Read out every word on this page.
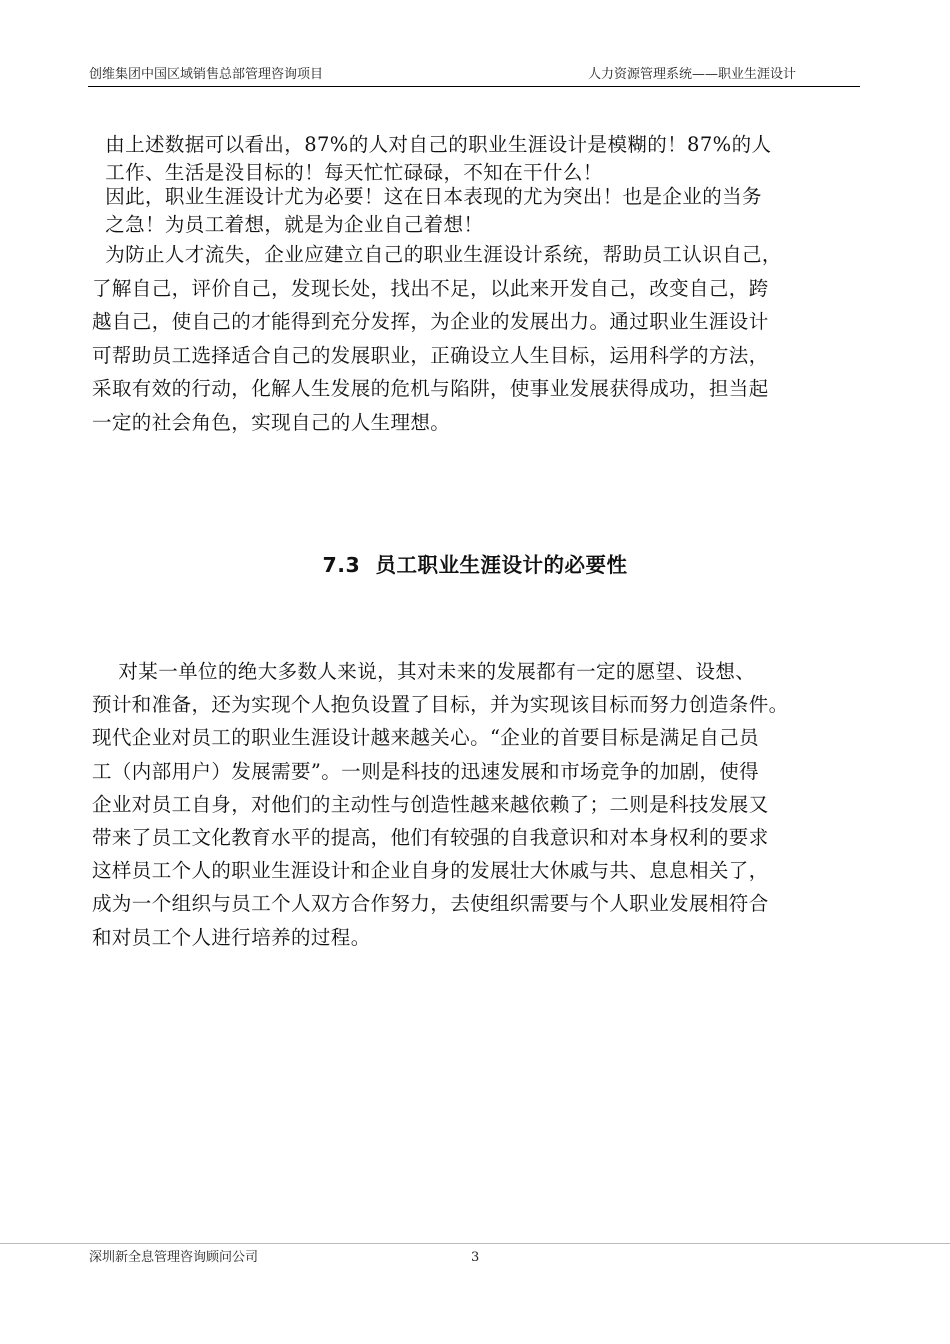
创维集团中国区域销售总部管理咨询项目	人力资源管理系统——职业生涯设计
由上述数据可以看出，87%的人对自己的职业生涯设计是模糊的！87%的人
工作、生活是没目标的！每天忙忙碌碌，不知在干什么！
因此，职业生涯设计尤为必要！这在日本表现的尤为突出！也是企业的当务
之急！为员工着想，就是为企业自己着想！
为防止人才流失，企业应建立自己的职业生涯设计系统，帮助员工认识自己，
了解自己，评价自己，发现长处，找出不足，以此来开发自己，改变自己，跨
越自己，使自己的才能得到充分发挥，为企业的发展出力。通过职业生涯设计
可帮助员工选择适合自己的发展职业，正确设立人生目标，运用科学的方法，
采取有效的行动，化解人生发展的危机与陷阱，使事业发展获得成功，担当起
一定的社会角色，实现自己的人生理想。
7.3  员工职业生涯设计的必要性
对某一单位的绝大多数人来说，其对未来的发展都有一定的愿望、设想、
预计和准备，还为实现个人抱负设置了目标，并为实现该目标而努力创造条件。
现代企业对员工的职业生涯设计越来越关心。“企业的首要目标是满足自己员
工（内部用户）发展需要”。一则是科技的迅速发展和市场竞争的加剧，使得
企业对员工自身，对他们的主动性与创造性越来越依赖了；二则是科技发展又
带来了员工文化教育水平的提高，他们有较强的自我意识和对本身权利的要求
这样员工个人的职业生涯设计和企业自身的发展壮大休戚与共、息息相关了，
成为一个组织与员工个人双方合作努力，去使组织需要与个人职业发展相符合
和对员工个人进行培养的过程。
深圳新全息管理咨询顾问公司	3
